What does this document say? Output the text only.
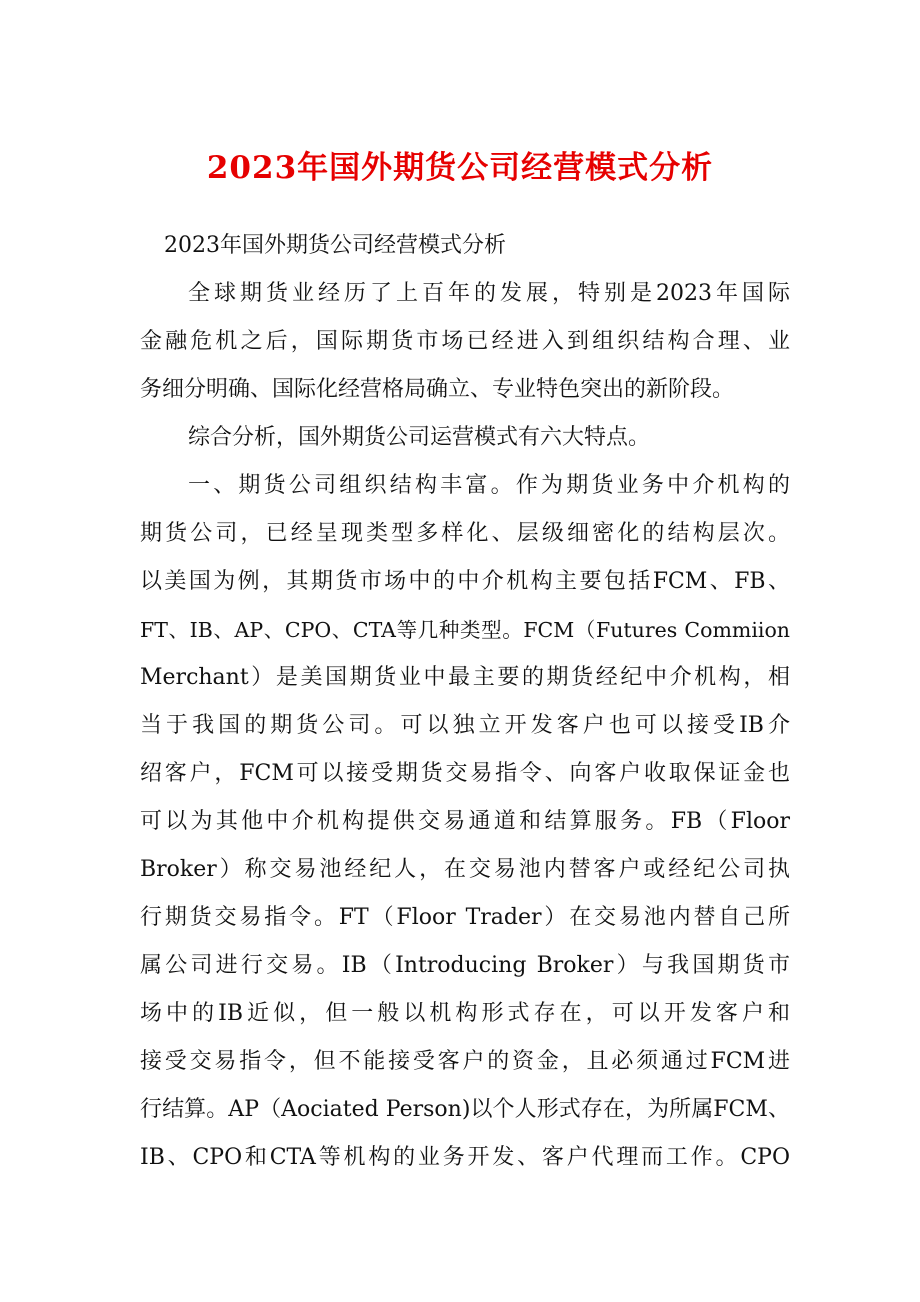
2023年国外期货公司经营模式分析
2023年国外期货公司经营模式分析
全球期货业经历了上百年的发展，特别是2023年国际
金融危机之后，国际期货市场已经进入到组织结构合理、业
务细分明确、国际化经营格局确立、专业特色突出的新阶段。
综合分析，国外期货公司运营模式有六大特点。
一、期货公司组织结构丰富。作为期货业务中介机构的
期货公司，已经呈现类型多样化、层级细密化的结构层次。
以美国为例，其期货市场中的中介机构主要包括FCM、FB、
FT、IB、AP、CPO、CTA等几种类型。FCM（Futures Commiion
Merchant）是美国期货业中最主要的期货经纪中介机构，相
当于我国的期货公司。可以独立开发客户也可以接受IB介
绍客户，FCM可以接受期货交易指令、向客户收取保证金也
可以为其他中介机构提供交易通道和结算服务。FB（Floor
Broker）称交易池经纪人，在交易池内替客户或经纪公司执
行期货交易指令。FT（Floor Trader）在交易池内替自己所
属公司进行交易。IB（Introducing Broker）与我国期货市
场中的IB近似，但一般以机构形式存在，可以开发客户和
接受交易指令，但不能接受客户的资金，且必须通过FCM进
行结算。AP（Aociated Person)以个人形式存在，为所属FCM、
IB、CPO和CTA等机构的业务开发、客户代理而工作。CPO
